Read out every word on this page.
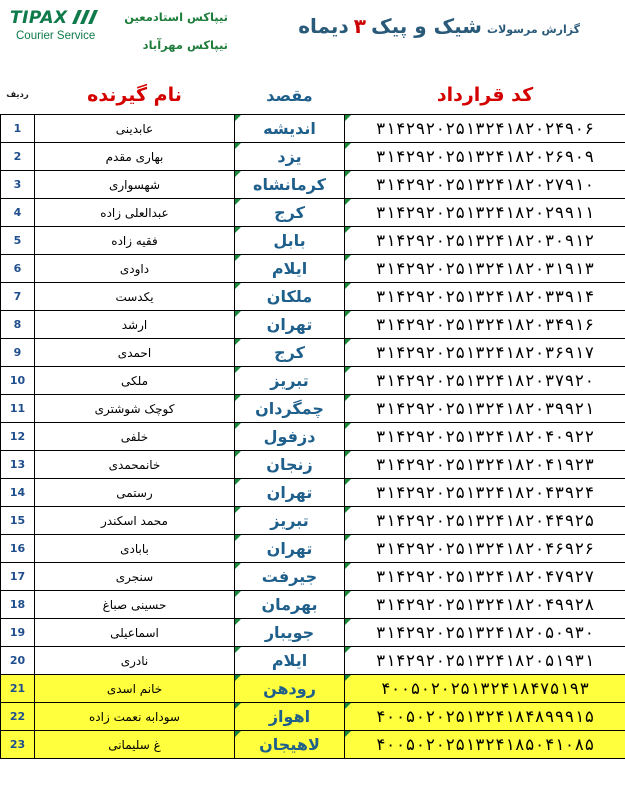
TIPAX
Courier Service
تیپاکس استادمعین
تیپاکس مهرآباد
گزارش مرسولات شیک و پیک ۳ دیماه
ردیف	نام گیرنده	مقصد	کد قرارداد
1	عابدینی	اندیشه	۳۱۴۲۹۲۰۲۵۱۳۲۴۱۸۲۰۲۴۹۰۶

2	بهاری مقدم	یزد	۳۱۴۲۹۲۰۲۵۱۳۲۴۱۸۲۰۲۶۹۰۹

3	شهسواری	کرمانشاه	۳۱۴۲۹۲۰۲۵۱۳۲۴۱۸۲۰۲۷۹۱۰

4	عبدالعلی زاده	کرج	۳۱۴۲۹۲۰۲۵۱۳۲۴۱۸۲۰۲۹۹۱۱

5	فقیه زاده	بابل	۳۱۴۲۹۲۰۲۵۱۳۲۴۱۸۲۰۳۰۹۱۲

6	داودی	ایلام	۳۱۴۲۹۲۰۲۵۱۳۲۴۱۸۲۰۳۱۹۱۳

7	یکدست	ملکان	۳۱۴۲۹۲۰۲۵۱۳۲۴۱۸۲۰۳۳۹۱۴

8	ارشد	تهران	۳۱۴۲۹۲۰۲۵۱۳۲۴۱۸۲۰۳۴۹۱۶

9	احمدی	کرج	۳۱۴۲۹۲۰۲۵۱۳۲۴۱۸۲۰۳۶۹۱۷

10	ملکی	تبریز	۳۱۴۲۹۲۰۲۵۱۳۲۴۱۸۲۰۳۷۹۲۰

11	کوچک شوشتری	چمگردان	۳۱۴۲۹۲۰۲۵۱۳۲۴۱۸۲۰۳۹۹۲۱

12	خلفی	دزفول	۳۱۴۲۹۲۰۲۵۱۳۲۴۱۸۲۰۴۰۹۲۲

13	خانمحمدی	زنجان	۳۱۴۲۹۲۰۲۵۱۳۲۴۱۸۲۰۴۱۹۲۳

14	رستمی	تهران	۳۱۴۲۹۲۰۲۵۱۳۲۴۱۸۲۰۴۳۹۲۴

15	محمد اسکندر	تبریز	۳۱۴۲۹۲۰۲۵۱۳۲۴۱۸۲۰۴۴۹۲۵

16	بابادی	تهران	۳۱۴۲۹۲۰۲۵۱۳۲۴۱۸۲۰۴۶۹۲۶

17	سنجری	جیرفت	۳۱۴۲۹۲۰۲۵۱۳۲۴۱۸۲۰۴۷۹۲۷

18	حسینی صباغ	بهرمان	۳۱۴۲۹۲۰۲۵۱۳۲۴۱۸۲۰۴۹۹۲۸

19	اسماعیلی	جویبار	۳۱۴۲۹۲۰۲۵۱۳۲۴۱۸۲۰۵۰۹۳۰

20	نادری	ایلام	۳۱۴۲۹۲۰۲۵۱۳۲۴۱۸۲۰۵۱۹۳۱

21	خانم اسدی	رودهن	۴۰۰۵۰۲۰۲۵۱۳۲۴۱۸۴۷۵۱۹۳

22	سودابه نعمت زاده	اهواز	۴۰۰۵۰۲۰۲۵۱۳۲۴۱۸۴۸۹۹۹۱۵

23	غ سلیمانی	لاهیجان	۴۰۰۵۰۲۰۲۵۱۳۲۴۱۸۵۰۴۱۰۸۵
